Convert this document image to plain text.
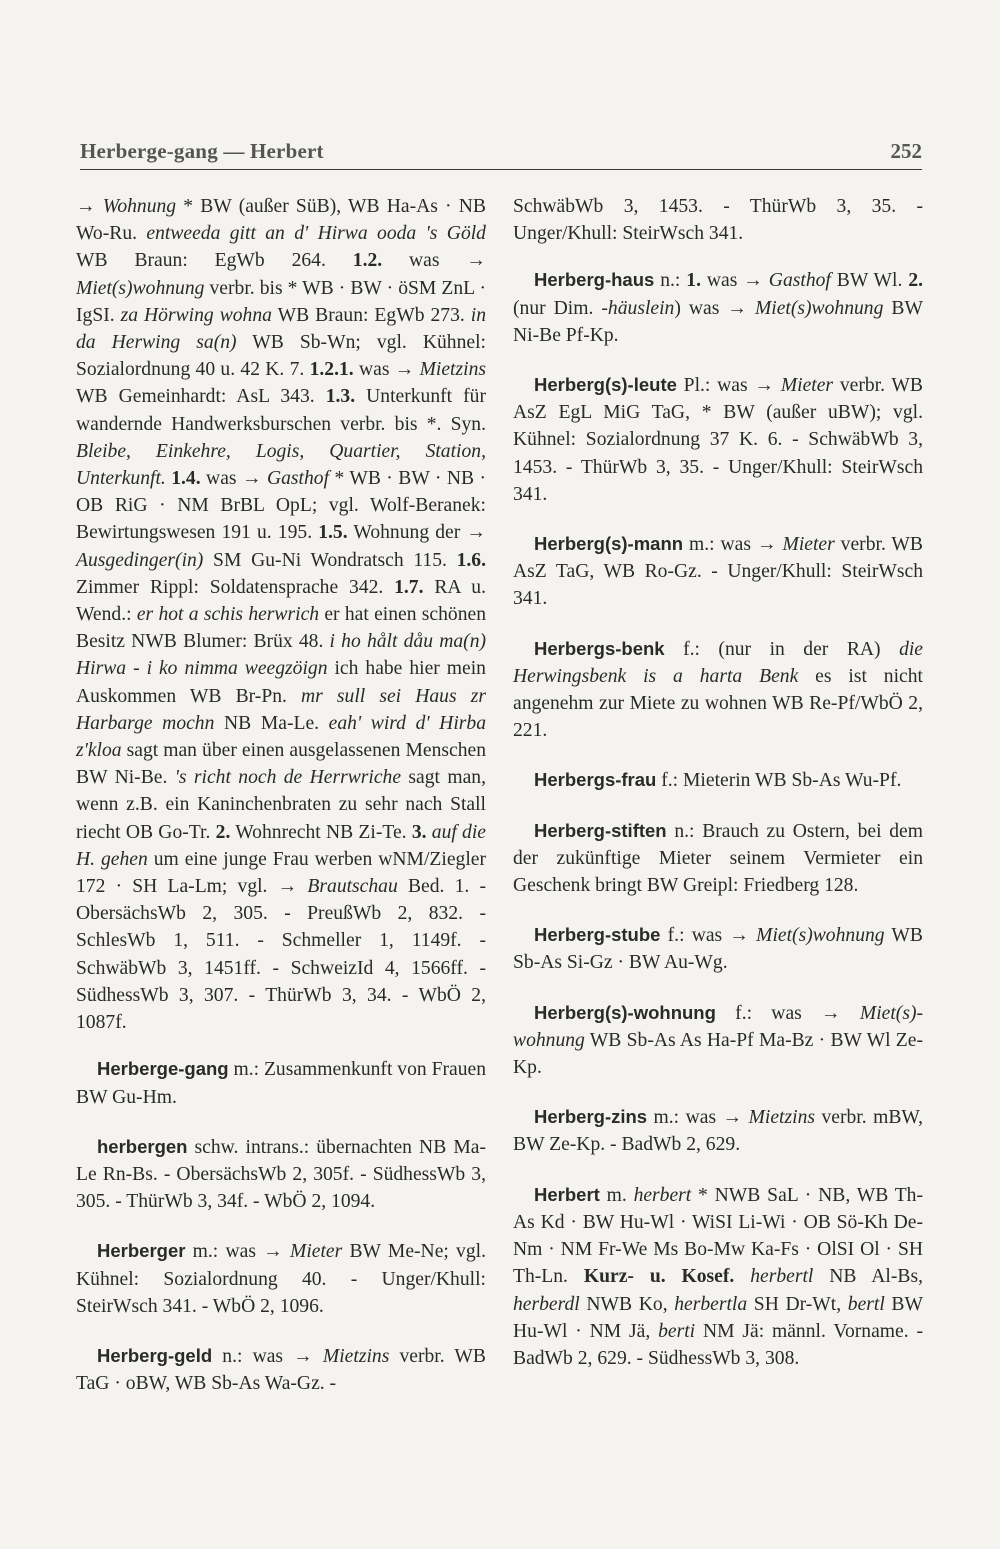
Herberge-gang — Herbert	252

→ Wohnung * BW (außer SüB), WB Ha-As · NB Wo-Ru. entweeda gitt an d' Hirwa ooda 's Göld WB Braun: EgWb 264. 1.2. was → Miet(s)wohnung verbr. bis * WB · BW · öSM ZnL · IgSI. za Hörwing wohna WB Braun: EgWb 273. in da Herwing sa(n) WB Sb-Wn; vgl. Kühnel: Sozialordnung 40 u. 42 K. 7. 1.2.1. was → Mietzins WB Gemeinhardt: AsL 343. 1.3. Unterkunft für wandernde Handwerksburschen verbr. bis *. Syn. Bleibe, Einkehre, Logis, Quartier, Station, Unterkunft. 1.4. was → Gasthof * WB · BW · NB · OB RiG · NM BrBL OpL; vgl. Wolf-Beranek: Bewirtungswesen 191 u. 195. 1.5. Wohnung der → Ausgedinger(in) SM Gu-Ni Wondratsch 115. 1.6. Zimmer Rippl: Soldatensprache 342. 1.7. RA u. Wend.: er hot a schis herwrich er hat einen schönen Besitz NWB Blumer: Brüx 48. i ho hålt dåu ma(n) Hirwa - i ko nimma weegzöign ich habe hier mein Auskommen WB Br-Pn. mr sull sei Haus zr Harbarge mochn NB Ma-Le. eah' wird d' Hirba z'kloa sagt man über einen ausgelassenen Menschen BW Ni-Be. 's richt noch de Herrwriche sagt man, wenn z.B. ein Kaninchenbraten zu sehr nach Stall riecht OB Go-Tr. 2. Wohnrecht NB Zi-Te. 3. auf die H. gehen um eine junge Frau werben wNM/Ziegler 172 · SH La-Lm; vgl. → Brautschau Bed. 1. - ObersächsWb 2, 305. - PreußWb 2, 832. - SchlesWb 1, 511. - Schmeller 1, 1149f. - SchwäbWb 3, 1451ff. - SchweizId 4, 1566ff. - SüdhessWb 3, 307. - ThürWb 3, 34. - WbÖ 2, 1087f.

Herberge-gang m.: Zusammenkunft von Frauen BW Gu-Hm.

herbergen schw. intrans.: übernachten NB Ma-Le Rn-Bs. - ObersächsWb 2, 305f. - SüdhessWb 3, 305. - ThürWb 3, 34f. - WbÖ 2, 1094.

Herberger m.: was → Mieter BW Me-Ne; vgl. Kühnel: Sozialordnung 40. - Unger/Khull: SteirWsch 341. - WbÖ 2, 1096.

Herberg-geld n.: was → Mietzins verbr. WB TaG · oBW, WB Sb-As Wa-Gz. -

SchwäbWb 3, 1453. - ThürWb 3, 35. - Unger/Khull: SteirWsch 341.

Herberg-haus n.: 1. was → Gasthof BW Wl. 2. (nur Dim. -häuslein) was → Miet(s)wohnung BW Ni-Be Pf-Kp.

Herberg(s)-leute Pl.: was → Mieter verbr. WB AsZ EgL MiG TaG, * BW (außer uBW); vgl. Kühnel: Sozialordnung 37 K. 6. - SchwäbWb 3, 1453. - ThürWb 3, 35. - Unger/Khull: SteirWsch 341.

Herberg(s)-mann m.: was → Mieter verbr. WB AsZ TaG, WB Ro-Gz. - Unger/Khull: SteirWsch 341.

Herbergs-benk f.: (nur in der RA) die Herwingsbenk is a harta Benk es ist nicht angenehm zur Miete zu wohnen WB Re-Pf/WbÖ 2, 221.

Herbergs-frau f.: Mieterin WB Sb-As Wu-Pf.

Herberg-stiften n.: Brauch zu Ostern, bei dem der zukünftige Mieter seinem Vermieter ein Geschenk bringt BW Greipl: Friedberg 128.

Herberg-stube f.: was → Miet(s)wohnung WB Sb-As Si-Gz · BW Au-Wg.

Herberg(s)-wohnung f.: was → Miet(s)-wohnung WB Sb-As As Ha-Pf Ma-Bz · BW Wl Ze-Kp.

Herberg-zins m.: was → Mietzins verbr. mBW, BW Ze-Kp. - BadWb 2, 629.

Herbert m. herbert * NWB SaL · NB, WB Th-As Kd · BW Hu-Wl · WiSI Li-Wi · OB Sö-Kh De-Nm · NM Fr-We Ms Bo-Mw Ka-Fs · OlSI Ol · SH Th-Ln. Kurz- u. Kosef. herbertl NB Al-Bs, herberdl NWB Ko, herbertla SH Dr-Wt, bertl BW Hu-Wl · NM Jä, berti NM Jä: männl. Vorname. - BadWb 2, 629. - SüdhessWb 3, 308.
